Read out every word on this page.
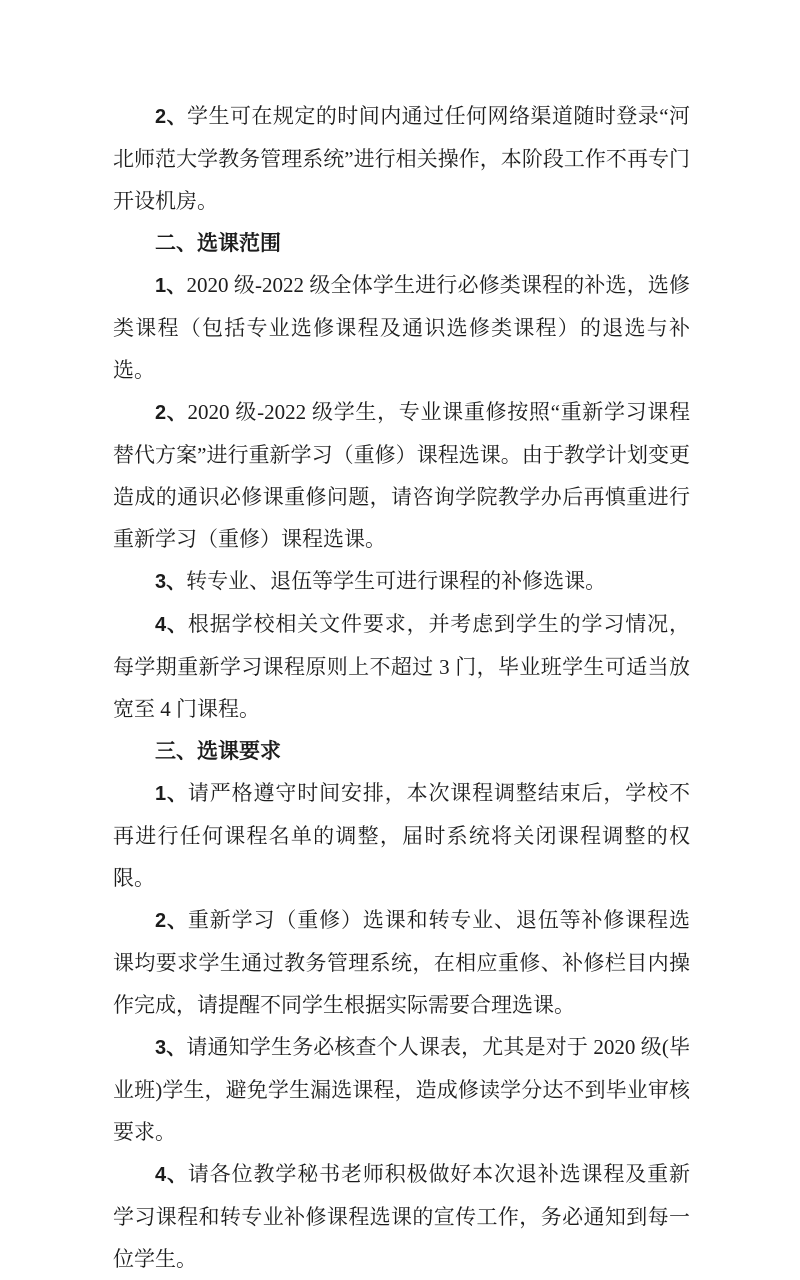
2、学生可在规定的时间内通过任何网络渠道随时登录“河北师范大学教务管理系统”进行相关操作，本阶段工作不再专门开设机房。

二、选课范围

1、2020 级-2022 级全体学生进行必修类课程的补选，选修类课程（包括专业选修课程及通识选修类课程）的退选与补选。

2、2020 级-2022 级学生，专业课重修按照“重新学习课程替代方案”进行重新学习（重修）课程选课。由于教学计划变更造成的通识必修课重修问题，请咨询学院教学办后再慎重进行重新学习（重修）课程选课。

3、转专业、退伍等学生可进行课程的补修选课。

4、根据学校相关文件要求，并考虑到学生的学习情况，每学期重新学习课程原则上不超过 3 门，毕业班学生可适当放宽至 4 门课程。

三、选课要求

1、请严格遵守时间安排，本次课程调整结束后，学校不再进行任何课程名单的调整，届时系统将关闭课程调整的权限。

2、重新学习（重修）选课和转专业、退伍等补修课程选课均要求学生通过教务管理系统，在相应重修、补修栏目内操作完成，请提醒不同学生根据实际需要合理选课。

3、请通知学生务必核查个人课表，尤其是对于 2020 级(毕业班)学生，避免学生漏选课程，造成修读学分达不到毕业审核要求。

4、请各位教学秘书老师积极做好本次退补选课程及重新学习课程和转专业补修课程选课的宣传工作，务必通知到每一位学生。
